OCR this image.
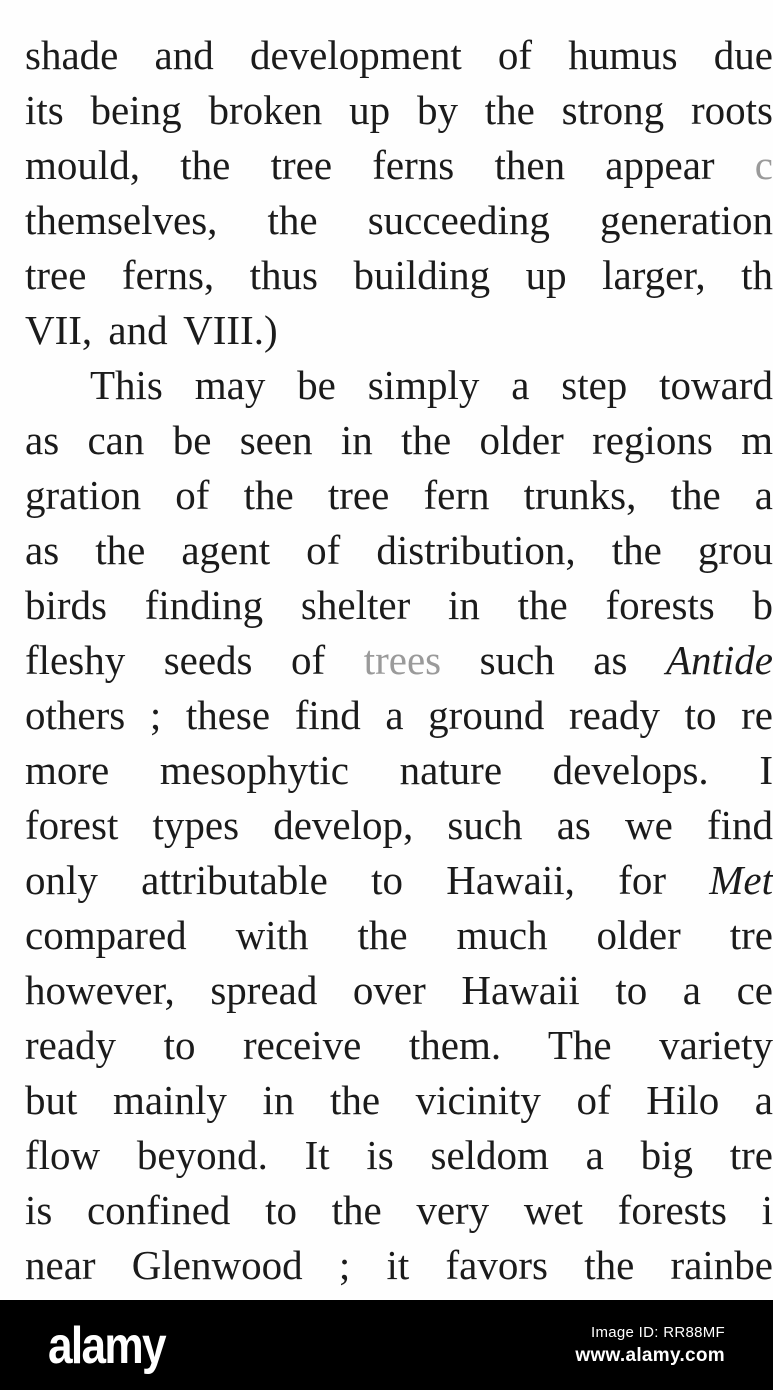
shade and development of humus due
its being broken up by the strong roots
mould, the tree ferns then appear c
themselves, the succeeding generation
tree ferns, thus building up larger, th
VII, and VIII.)
This may be simply a step toward
as can be seen in the older regions m
gration of the tree fern trunks, the a
as the agent of distribution, the grou
birds finding shelter in the forests b
fleshy seeds of trees such as Antide
others ; these find a ground ready to re
more mesophytic nature develops. I
forest types develop, such as we find
only attributable to Hawaii, for Met
compared with the much older tre
however, spread over Hawaii to a ce
ready to receive them. The variety
but mainly in the vicinity of Hilo a
flow beyond. It is seldom a big tre
is confined to the very wet forests i
near Glenwood ; it favors the rainbe
alamy	Image ID: RR88MF
www.alamy.com
